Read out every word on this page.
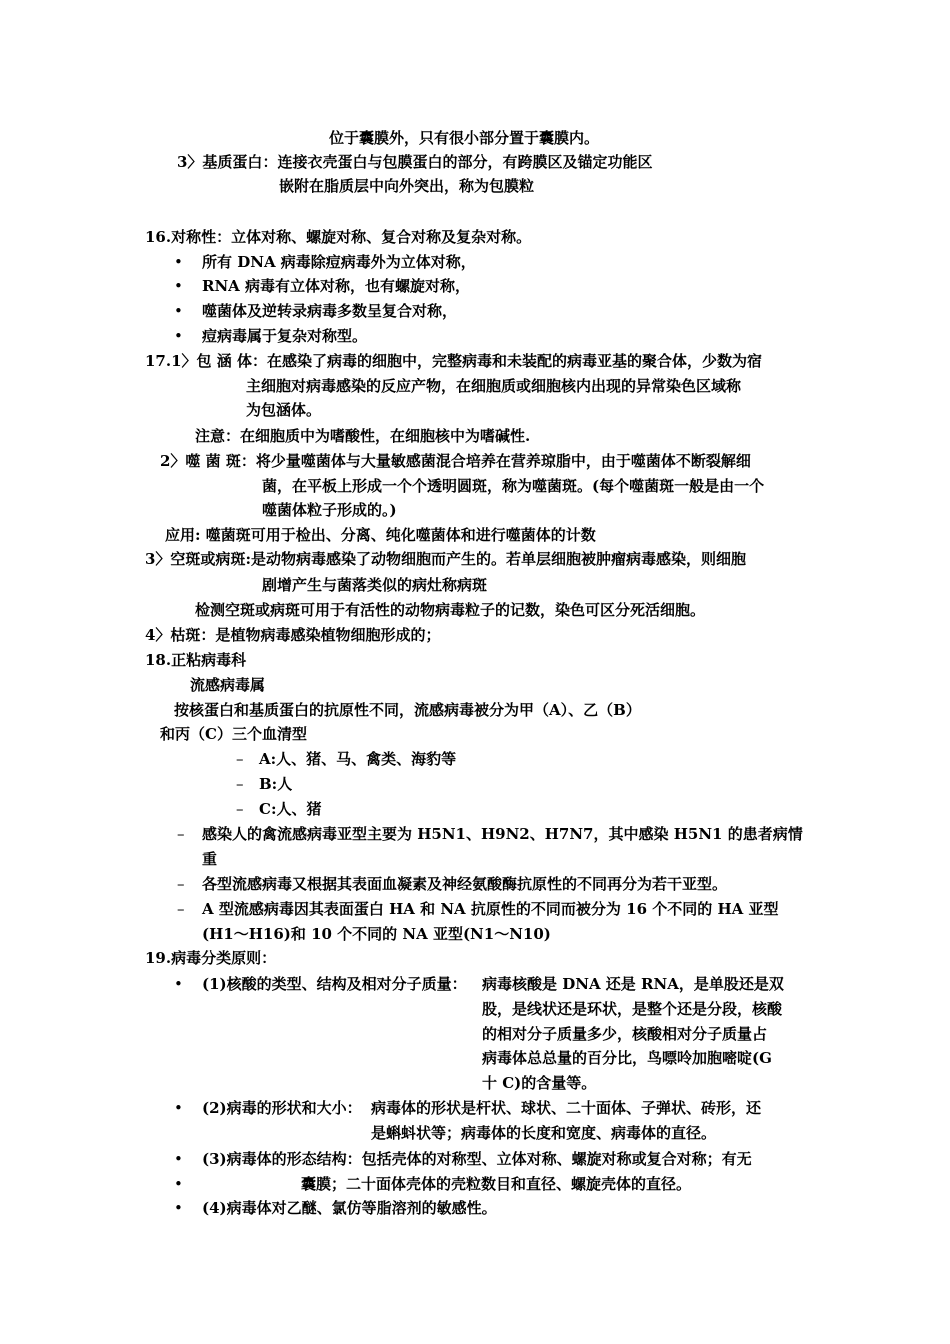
位于囊膜外，只有很小部分置于囊膜内。
3〉基质蛋白：连接衣壳蛋白与包膜蛋白的部分，有跨膜区及锚定功能区
嵌附在脂质层中向外突出，称为包膜粒
16.对称性：立体对称、螺旋对称、复合对称及复杂对称。
•
所有 DNA 病毒除痘病毒外为立体对称，
•
RNA 病毒有立体对称，也有螺旋对称，
•
噬菌体及逆转录病毒多数呈复合对称，
•
痘病毒属于复杂对称型。
17.1〉包 涵 体：在感染了病毒的细胞中，完整病毒和未装配的病毒亚基的聚合体，少数为宿
主细胞对病毒感染的反应产物，在细胞质或细胞核内出现的异常染色区域称
为包涵体。
注意：在细胞质中为嗜酸性，在细胞核中为嗜碱性.
2〉噬 菌 斑：将少量噬菌体与大量敏感菌混合培养在营养琼脂中，由于噬菌体不断裂解细
菌，在平板上形成一个个透明圆斑，称为噬菌斑。(每个噬菌斑一般是由一个
噬菌体粒子形成的。)
应用: 噬菌斑可用于检出、分离、纯化噬菌体和进行噬菌体的计数
3〉空斑或病斑:是动物病毒感染了动物细胞而产生的。若单层细胞被肿瘤病毒感染，则细胞
剧增产生与菌落类似的病灶称病斑
检测空斑或病斑可用于有活性的动物病毒粒子的记数，染色可区分死活细胞。
4〉枯斑：是植物病毒感染植物细胞形成的；
18.正粘病毒科
流感病毒属
按核蛋白和基质蛋白的抗原性不同，流感病毒被分为甲（A）、乙（B）
和丙（C）三个血清型
–
A:人、猪、马、禽类、海豹等
–
B:人
–
C:人、猪
–
感染人的禽流感病毒亚型主要为 H5N1、H9N2、H7N7，其中感染 H5N1 的患者病情
重
–
各型流感病毒又根据其表面血凝素及神经氨酸酶抗原性的不同再分为若干亚型。
–
A 型流感病毒因其表面蛋白 HA 和 NA 抗原性的不同而被分为 16 个不同的 HA 亚型
(H1～H16)和 10 个不同的 NA 亚型(N1～N10)
19.病毒分类原则：
•
(1)核酸的类型、结构及相对分子质量： 病毒核酸是 DNA 还是 RNA，是单股还是双
股，是线状还是环状，是整个还是分段，核酸
的相对分子质量多少，核酸相对分子质量占
病毒体总总量的百分比，鸟嘌呤加胞嘧啶(G
十 C)的含量等。
•
(2)病毒的形状和大小： 病毒体的形状是杆状、球状、二十面体、子弹状、砖形，还
是蝌蚪状等；病毒体的长度和宽度、病毒体的直径。
•
(3)病毒体的形态结构：包括壳体的对称型、立体对称、螺旋对称或复合对称；有无
•
囊膜；二十面体壳体的壳粒数目和直径、螺旋壳体的直径。
•
(4)病毒体对乙醚、氯仿等脂溶剂的敏感性。
